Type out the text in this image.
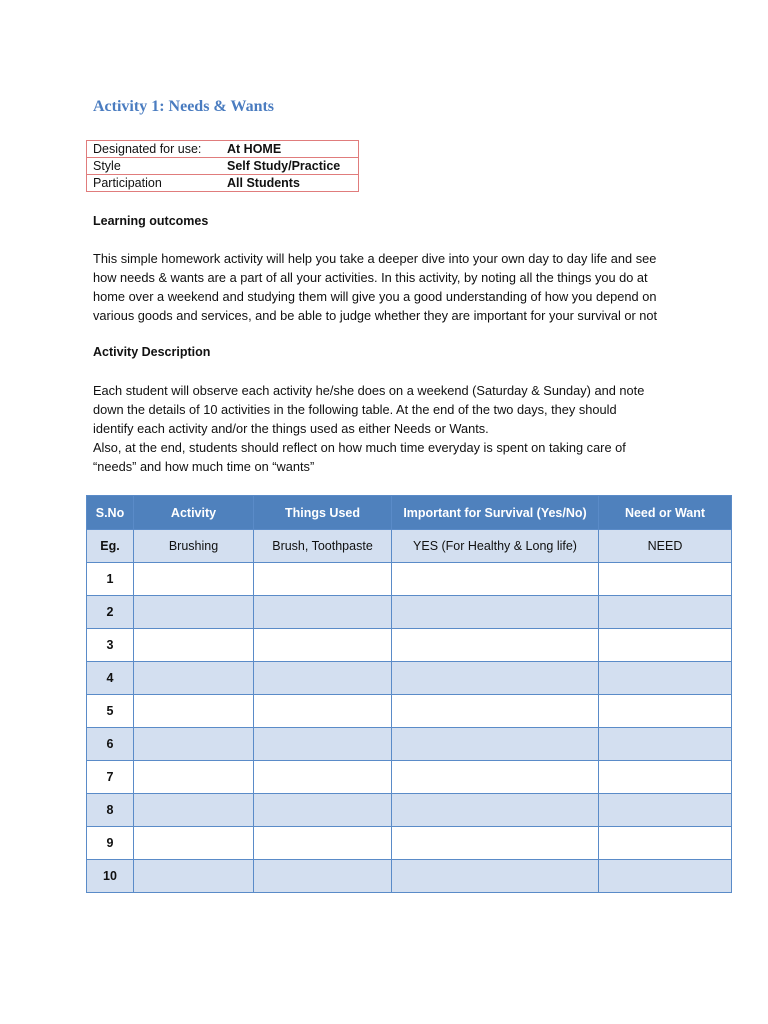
Activity 1: Needs & Wants
Designated for use:	At HOME
Style	Self Study/Practice
Participation	All Students
Learning outcomes

This simple homework activity will help you take a deeper dive into your own day to day life and see
how needs & wants are a part of all your activities. In this activity, by noting all the things you do at
home over a weekend and studying them will give you a good understanding of how you depend on
various goods and services, and be able to judge whether they are important for your survival or not

Activity Description

Each student will observe each activity he/she does on a weekend (Saturday & Sunday) and note
down the details of 10 activities in the following table. At the end of the two days, they should
identify each activity and/or the things used as either Needs or Wants.
Also, at the end, students should reflect on how much time everyday is spent on taking care of
“needs” and how much time on “wants”

S.No	Activity	Things Used	Important for Survival (Yes/No)	Need or Want
Eg.	Brushing	Brush, Toothpaste	YES (For Healthy & Long life)	NEED
1				
2				
3				
4				
5				
6				
7				
8				
9				
10				
